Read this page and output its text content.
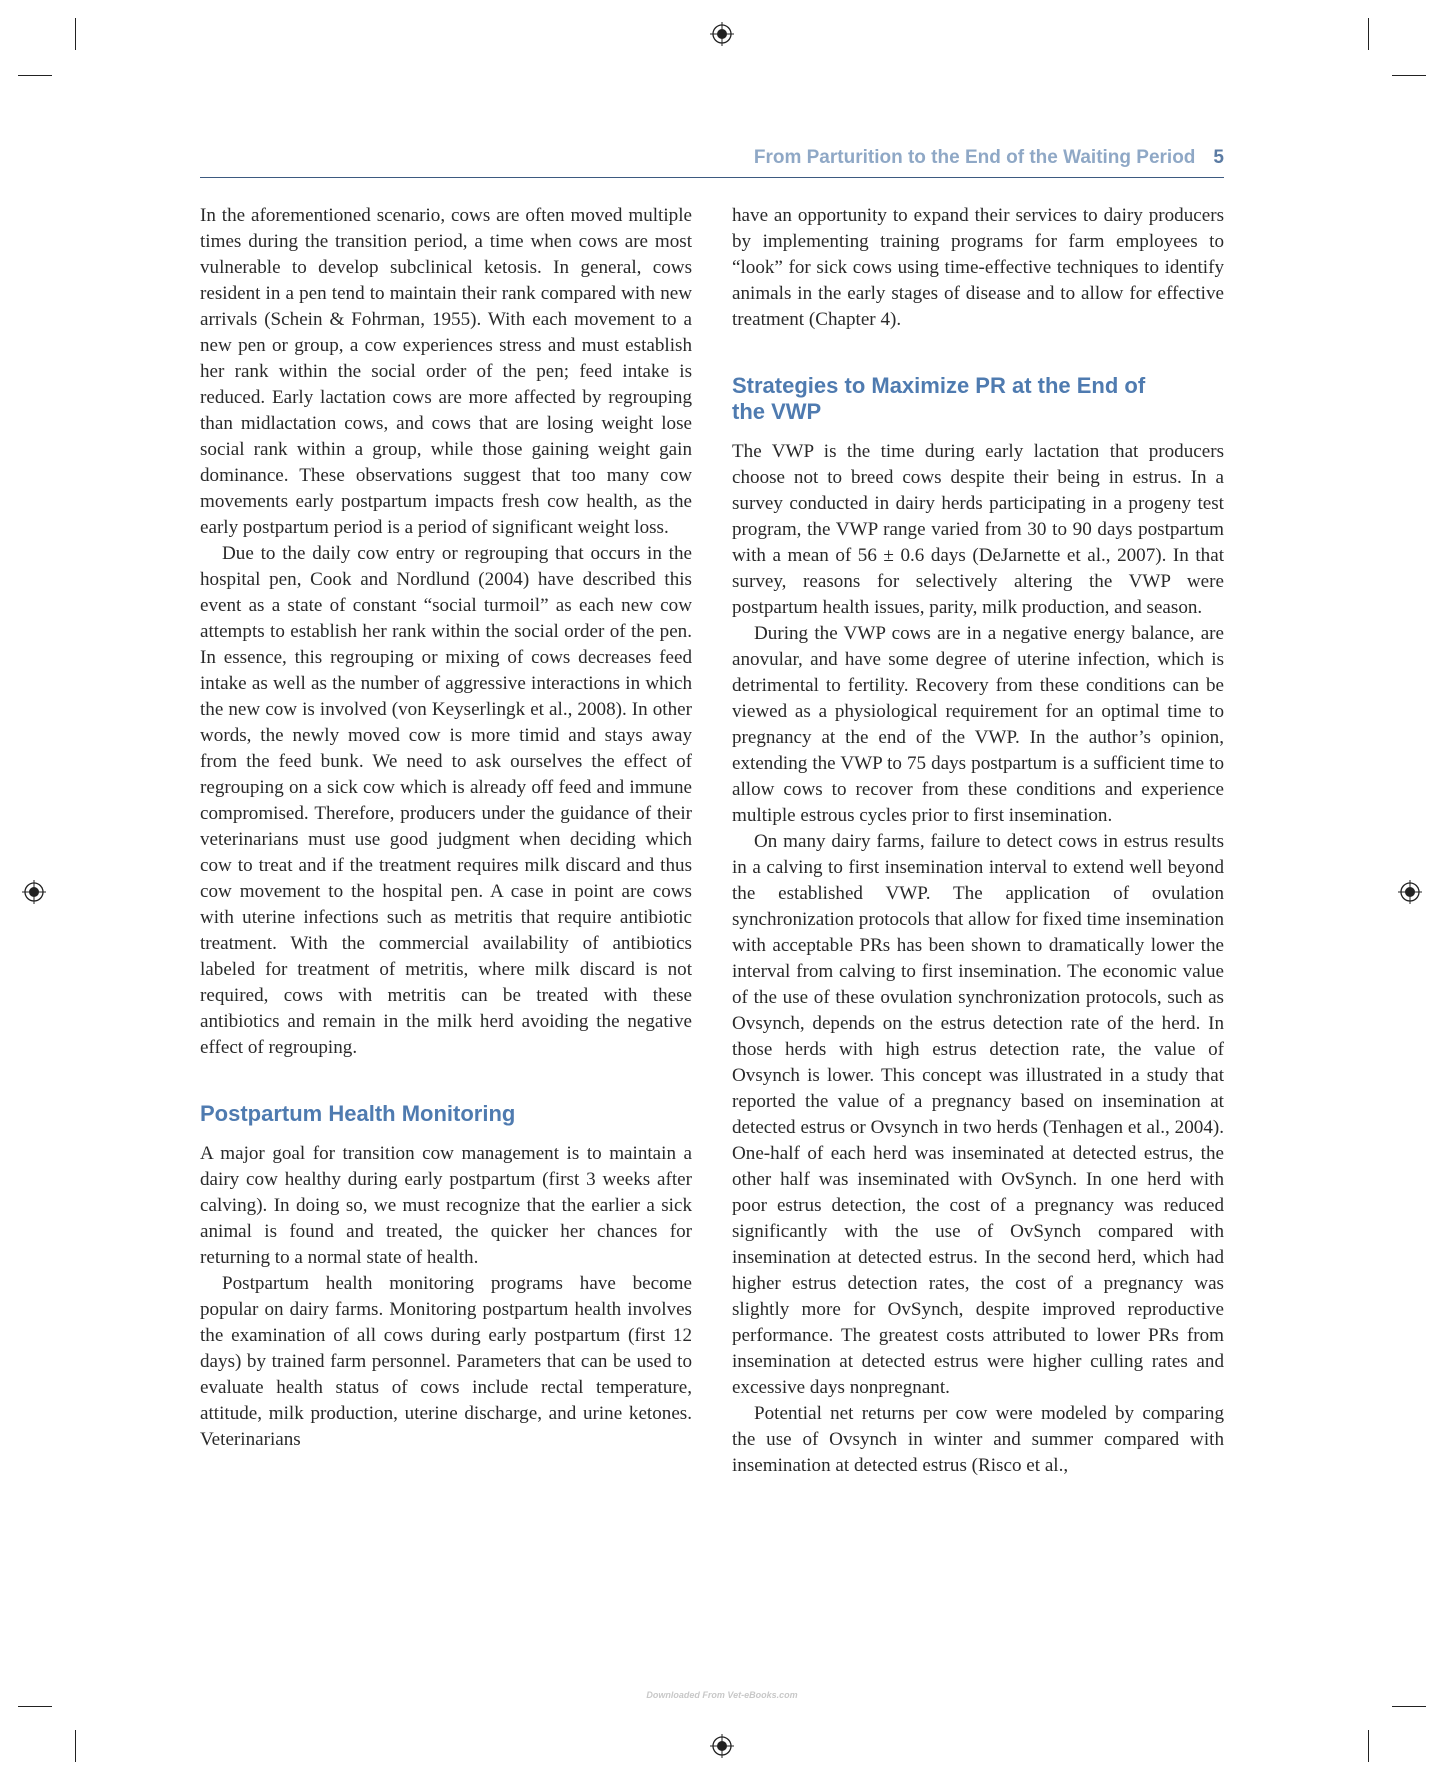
From Parturition to the End of the Waiting Period 5

In the aforementioned scenario, cows are often moved multiple times during the transition period, a time when cows are most vulnerable to develop subclinical ketosis. In general, cows resident in a pen tend to maintain their rank compared with new arrivals (Schein & Fohrman, 1955). With each movement to a new pen or group, a cow experiences stress and must establish her rank within the social order of the pen; feed intake is reduced. Early lactation cows are more affected by regrouping than midlactation cows, and cows that are losing weight lose social rank within a group, while those gaining weight gain dominance. These observations suggest that too many cow movements early postpartum impacts fresh cow health, as the early postpartum period is a period of significant weight loss.

Due to the daily cow entry or regrouping that occurs in the hospital pen, Cook and Nordlund (2004) have described this event as a state of constant “social turmoil” as each new cow attempts to establish her rank within the social order of the pen. In essence, this regrouping or mixing of cows decreases feed intake as well as the number of aggressive interactions in which the new cow is involved (von Keyserlingk et al., 2008). In other words, the newly moved cow is more timid and stays away from the feed bunk. We need to ask ourselves the effect of regrouping on a sick cow which is already off feed and immune compromised. Therefore, producers under the guidance of their veterinarians must use good judgment when deciding which cow to treat and if the treatment requires milk discard and thus cow movement to the hospital pen. A case in point are cows with uterine infections such as metritis that require antibiotic treatment. With the commercial availability of antibiotics labeled for treatment of metritis, where milk discard is not required, cows with metritis can be treated with these antibiotics and remain in the milk herd avoiding the negative effect of regrouping.

Postpartum Health Monitoring

A major goal for transition cow management is to maintain a dairy cow healthy during early postpartum (first 3 weeks after calving). In doing so, we must recognize that the earlier a sick animal is found and treated, the quicker her chances for returning to a normal state of health.

Postpartum health monitoring programs have become popular on dairy farms. Monitoring postpartum health involves the examination of all cows during early postpartum (first 12 days) by trained farm personnel. Parameters that can be used to evaluate health status of cows include rectal temperature, attitude, milk production, uterine discharge, and urine ketones. Veterinarians

have an opportunity to expand their services to dairy producers by implementing training programs for farm employees to “look” for sick cows using time-effective techniques to identify animals in the early stages of disease and to allow for effective treatment (Chapter 4).

Strategies to Maximize PR at the End of the VWP

The VWP is the time during early lactation that producers choose not to breed cows despite their being in estrus. In a survey conducted in dairy herds participating in a progeny test program, the VWP range varied from 30 to 90 days postpartum with a mean of 56 ± 0.6 days (DeJarnette et al., 2007). In that survey, reasons for selectively altering the VWP were postpartum health issues, parity, milk production, and season.

During the VWP cows are in a negative energy balance, are anovular, and have some degree of uterine infection, which is detrimental to fertility. Recovery from these conditions can be viewed as a physiological requirement for an optimal time to pregnancy at the end of the VWP. In the author’s opinion, extending the VWP to 75 days postpartum is a sufficient time to allow cows to recover from these conditions and experience multiple estrous cycles prior to first insemination.

On many dairy farms, failure to detect cows in estrus results in a calving to first insemination interval to extend well beyond the established VWP. The application of ovulation synchronization protocols that allow for fixed time insemination with acceptable PRs has been shown to dramatically lower the interval from calving to first insemination. The economic value of the use of these ovulation synchronization protocols, such as Ovsynch, depends on the estrus detection rate of the herd. In those herds with high estrus detection rate, the value of Ovsynch is lower. This concept was illustrated in a study that reported the value of a pregnancy based on insemination at detected estrus or Ovsynch in two herds (Tenhagen et al., 2004). One-half of each herd was inseminated at detected estrus, the other half was inseminated with OvSynch. In one herd with poor estrus detection, the cost of a pregnancy was reduced significantly with the use of OvSynch compared with insemination at detected estrus. In the second herd, which had higher estrus detection rates, the cost of a pregnancy was slightly more for OvSynch, despite improved reproductive performance. The greatest costs attributed to lower PRs from insemination at detected estrus were higher culling rates and excessive days nonpregnant.

Potential net returns per cow were modeled by comparing the use of Ovsynch in winter and summer compared with insemination at detected estrus (Risco et al.,

Downloaded From Vet-eBooks.com
